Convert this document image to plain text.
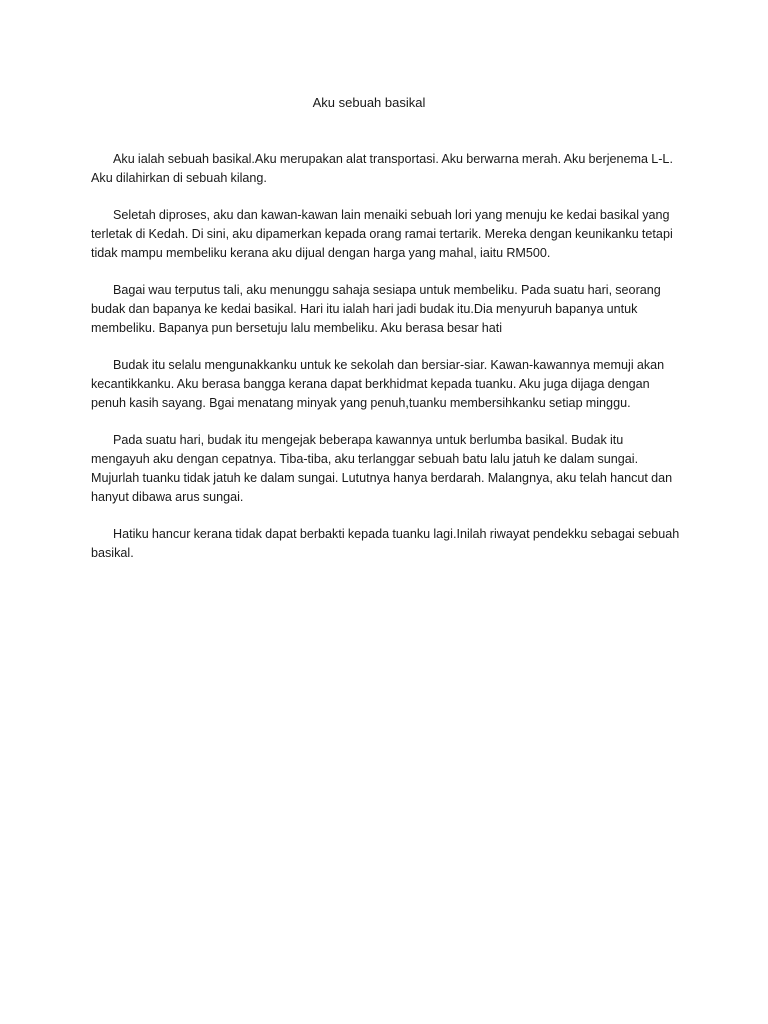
Aku sebuah basikal

Aku ialah sebuah basikal.Aku merupakan alat transportasi. Aku berwarna merah. Aku berjenema L-L. Aku dilahirkan di sebuah kilang.

Seletah diproses, aku dan kawan-kawan lain menaiki sebuah lori yang menuju ke kedai basikal yang terletak di Kedah. Di sini, aku dipamerkan kepada orang ramai tertarik. Mereka dengan keunikanku tetapi tidak mampu membeliku kerana aku dijual dengan harga yang mahal, iaitu RM500.

Bagai wau terputus tali, aku menunggu sahaja sesiapa untuk membeliku. Pada suatu hari, seorang budak dan bapanya ke kedai basikal. Hari itu ialah hari jadi budak itu.Dia menyuruh bapanya untuk membeliku. Bapanya pun bersetuju lalu membeliku. Aku berasa besar hati

Budak itu selalu mengunakkanku untuk ke sekolah dan bersiar-siar. Kawan-kawannya memuji akan kecantikkanku. Aku berasa bangga kerana dapat berkhidmat kepada tuanku. Aku juga dijaga dengan penuh kasih sayang. Bgai menatang minyak yang penuh,tuanku membersihkanku setiap minggu.

Pada suatu hari, budak itu mengejak beberapa kawannya untuk berlumba basikal. Budak itu mengayuh aku dengan cepatnya. Tiba-tiba, aku terlanggar sebuah batu lalu jatuh ke dalam sungai. Mujurlah tuanku tidak jatuh ke dalam sungai. Lututnya hanya berdarah. Malangnya, aku telah hancut dan hanyut dibawa arus sungai.

Hatiku hancur kerana tidak dapat berbakti kepada tuanku lagi.Inilah riwayat pendekku sebagai sebuah basikal.
